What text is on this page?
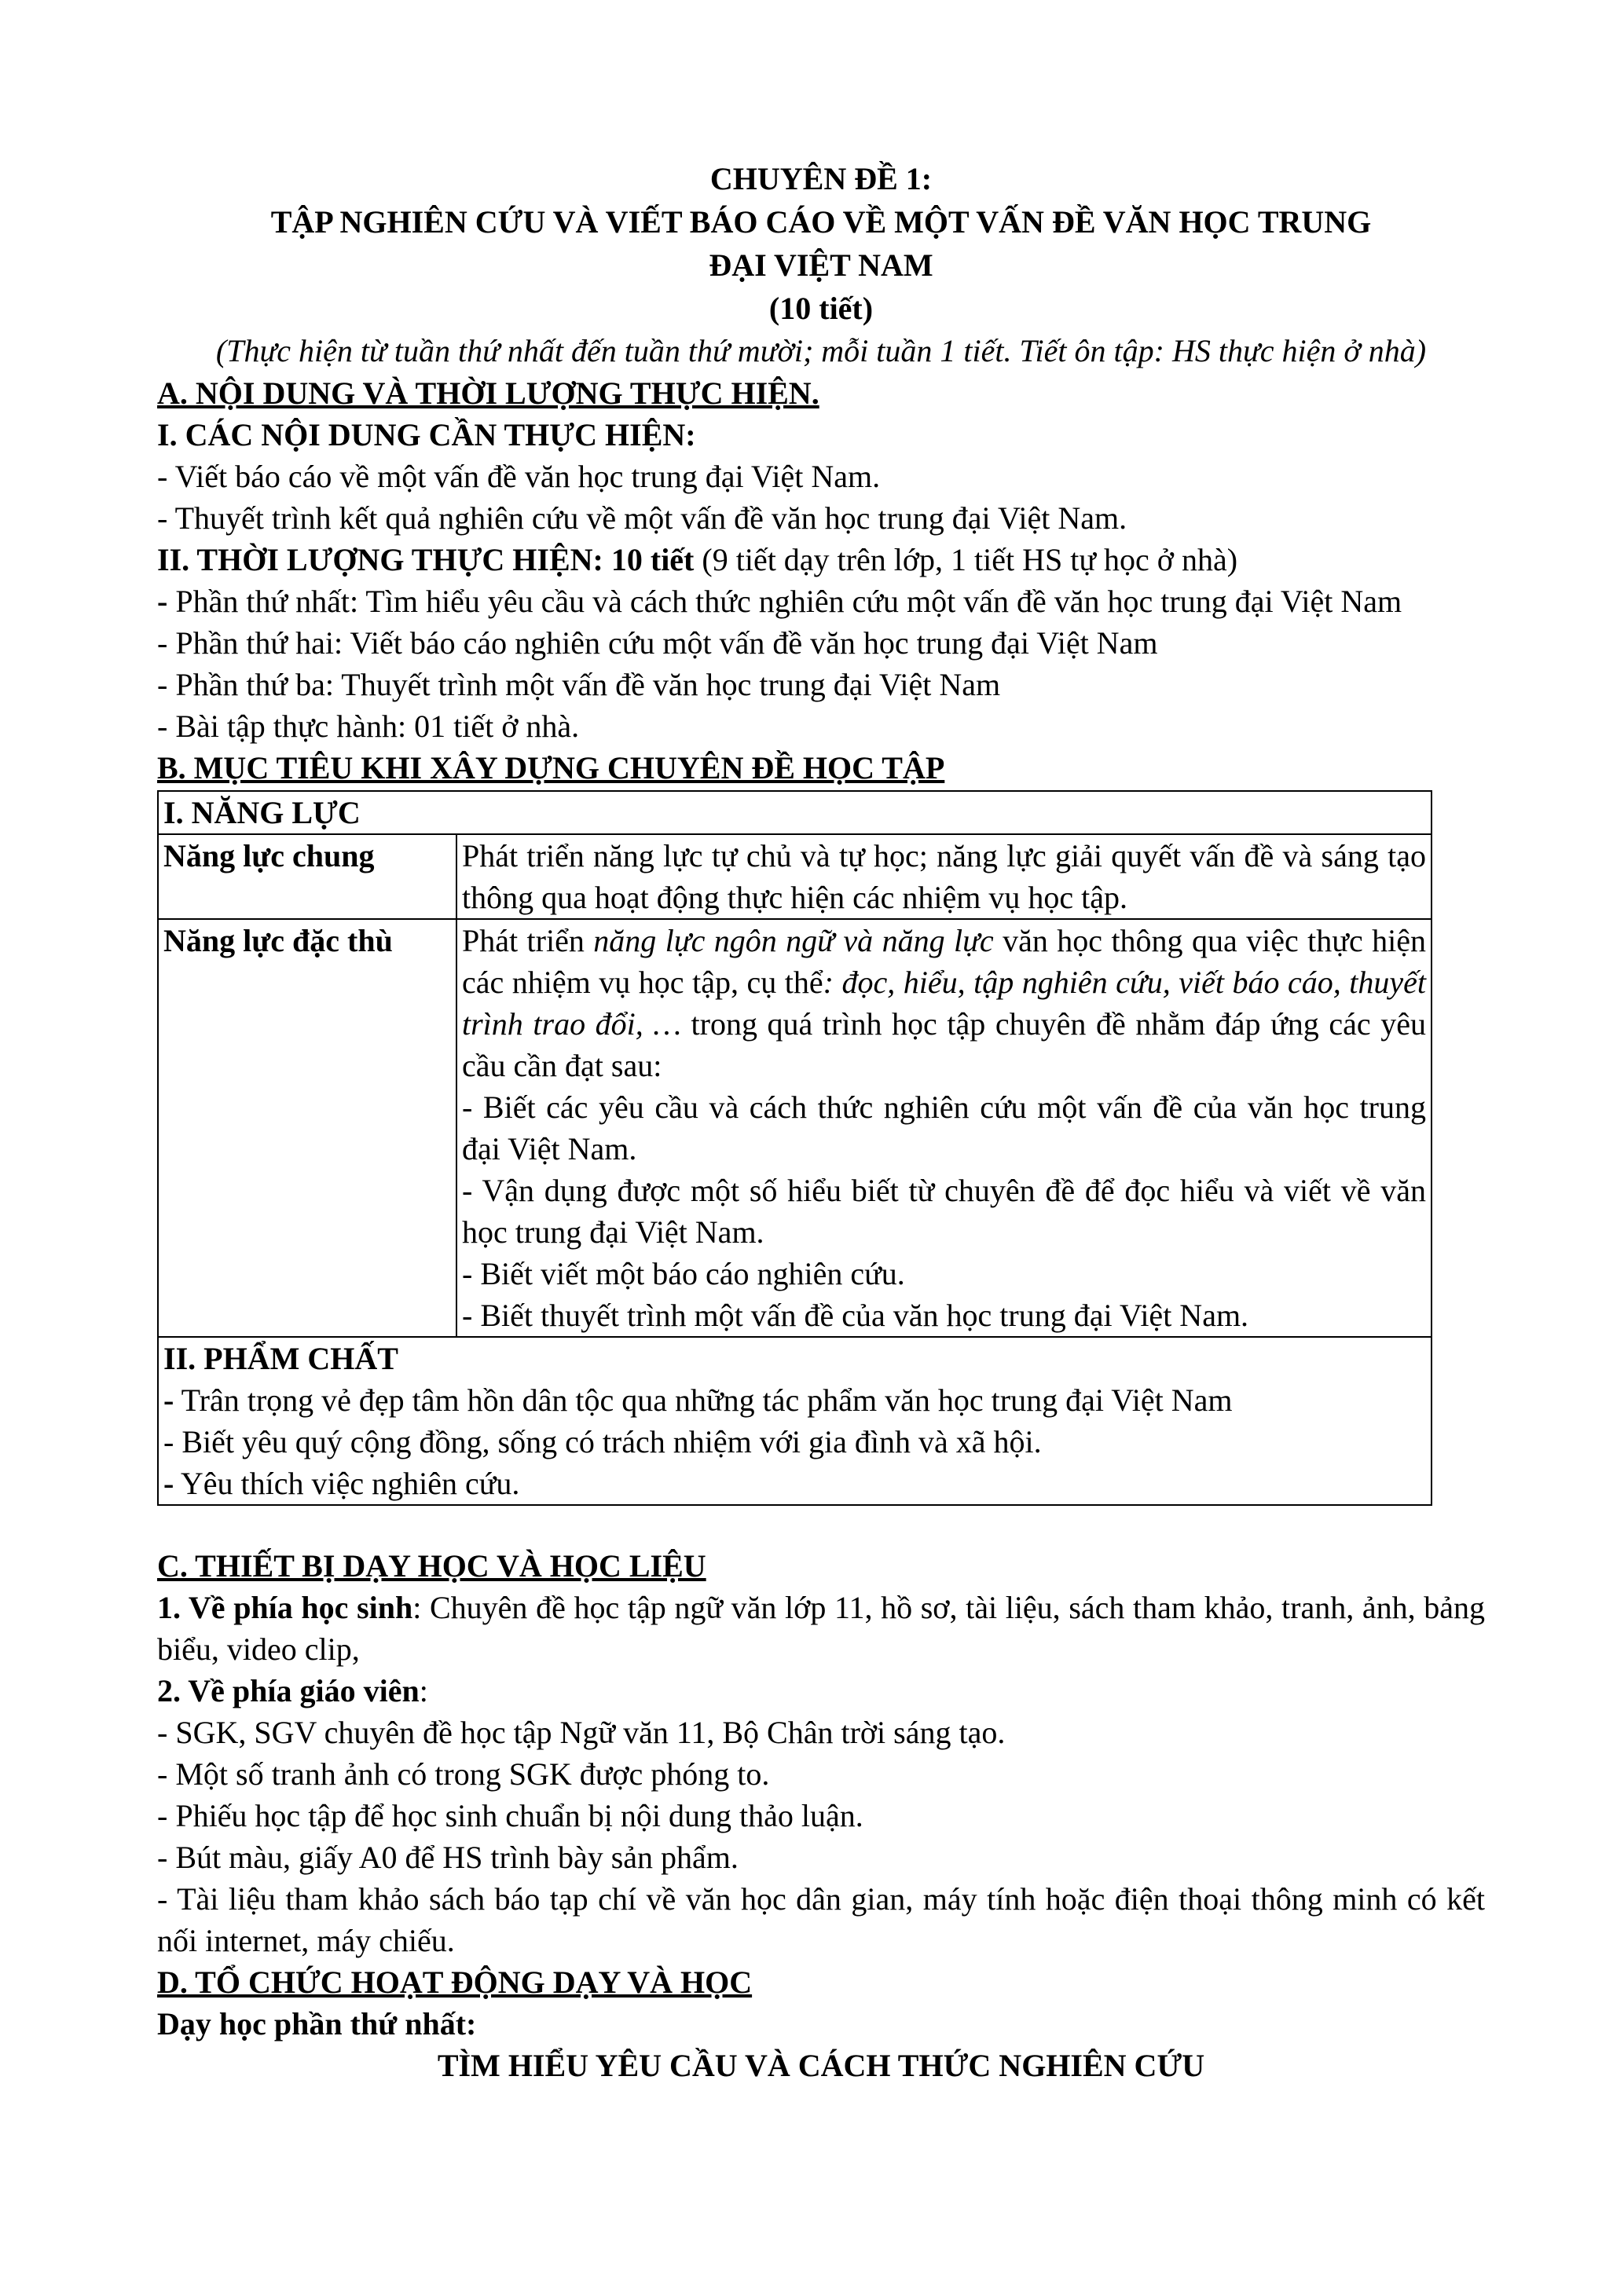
CHUYÊN ĐỀ 1:

TẬP NGHIÊN CỨU VÀ VIẾT BÁO CÁO VỀ MỘT VẤN ĐỀ VĂN HỌC TRUNG

ĐẠI VIỆT NAM

(10 tiết)

(Thực hiện từ tuần thứ nhất đến tuần thứ mười; mỗi tuần 1 tiết. Tiết ôn tập: HS thực hiện ở nhà)

A. NỘI DUNG VÀ THỜI LƯỢNG THỰC HIỆN.

I. CÁC NỘI DUNG CẦN THỰC HIỆN:

- Viết báo cáo về một vấn đề văn học trung đại Việt Nam.

- Thuyết trình kết quả nghiên cứu về một vấn đề văn học trung đại Việt Nam.

II. THỜI LƯỢNG THỰC HIỆN: 10 tiết (9 tiết dạy trên lớp, 1 tiết HS tự học ở nhà)

- Phần thứ nhất: Tìm hiểu yêu cầu và cách thức nghiên cứu một vấn đề văn học trung đại Việt Nam

- Phần thứ hai: Viết báo cáo nghiên cứu một vấn đề văn học trung đại Việt Nam

- Phần thứ ba: Thuyết trình một vấn đề văn học trung đại Việt Nam

- Bài tập thực hành: 01 tiết ở nhà.

B. MỤC TIÊU KHI XÂY DỰNG CHUYÊN ĐỀ HỌC TẬP

I. NĂNG LỰC	
Năng lực chung	Phát triển năng lực tự chủ và tự học; năng lực giải quyết vấn đề và sáng tạo thông qua hoạt động thực hiện các nhiệm vụ học tập.
Năng lực đặc thù	Phát triển năng lực ngôn ngữ và năng lực văn học thông qua việc thực hiện các nhiệm vụ học tập, cụ thể: đọc, hiểu, tập nghiên cứu, viết báo cáo, thuyết trình trao đổi, … trong quá trình học tập chuyên đề nhằm đáp ứng các yêu cầu cần đạt sau:
- Biết các yêu cầu và cách thức nghiên cứu một vấn đề của văn học trung đại Việt Nam.
- Vận dụng được một số hiểu biết từ chuyên đề để đọc hiểu và viết về văn học trung đại Việt Nam.
- Biết viết một báo cáo nghiên cứu.
- Biết thuyết trình một vấn đề của văn học trung đại Việt Nam.

II. PHẨM CHẤT
- Trân trọng vẻ đẹp tâm hồn dân tộc qua những tác phẩm văn học trung đại Việt Nam
- Biết yêu quý cộng đồng, sống có trách nhiệm với gia đình và xã hội.
- Yêu thích việc nghiên cứu.	

C. THIẾT BỊ DẠY HỌC VÀ HỌC LIỆU

1. Về phía học sinh: Chuyên đề học tập ngữ văn lớp 11, hồ sơ, tài liệu, sách tham khảo, tranh, ảnh, bảng biểu, video clip,

2. Về phía giáo viên:

- SGK, SGV chuyên đề học tập Ngữ văn 11, Bộ Chân trời sáng tạo.

- Một số tranh ảnh có trong SGK được phóng to.

- Phiếu học tập để học sinh chuẩn bị nội dung thảo luận.

- Bút màu, giấy A0 để HS trình bày sản phẩm.

- Tài liệu tham khảo sách báo tạp chí về văn học dân gian, máy tính hoặc điện thoại thông minh có kết nối internet, máy chiếu.

D. TỔ CHỨC HOẠT ĐỘNG DẠY VÀ HỌC

Dạy học phần thứ nhất:

TÌM HIỂU YÊU CẦU VÀ CÁCH THỨC NGHIÊN CỨU
